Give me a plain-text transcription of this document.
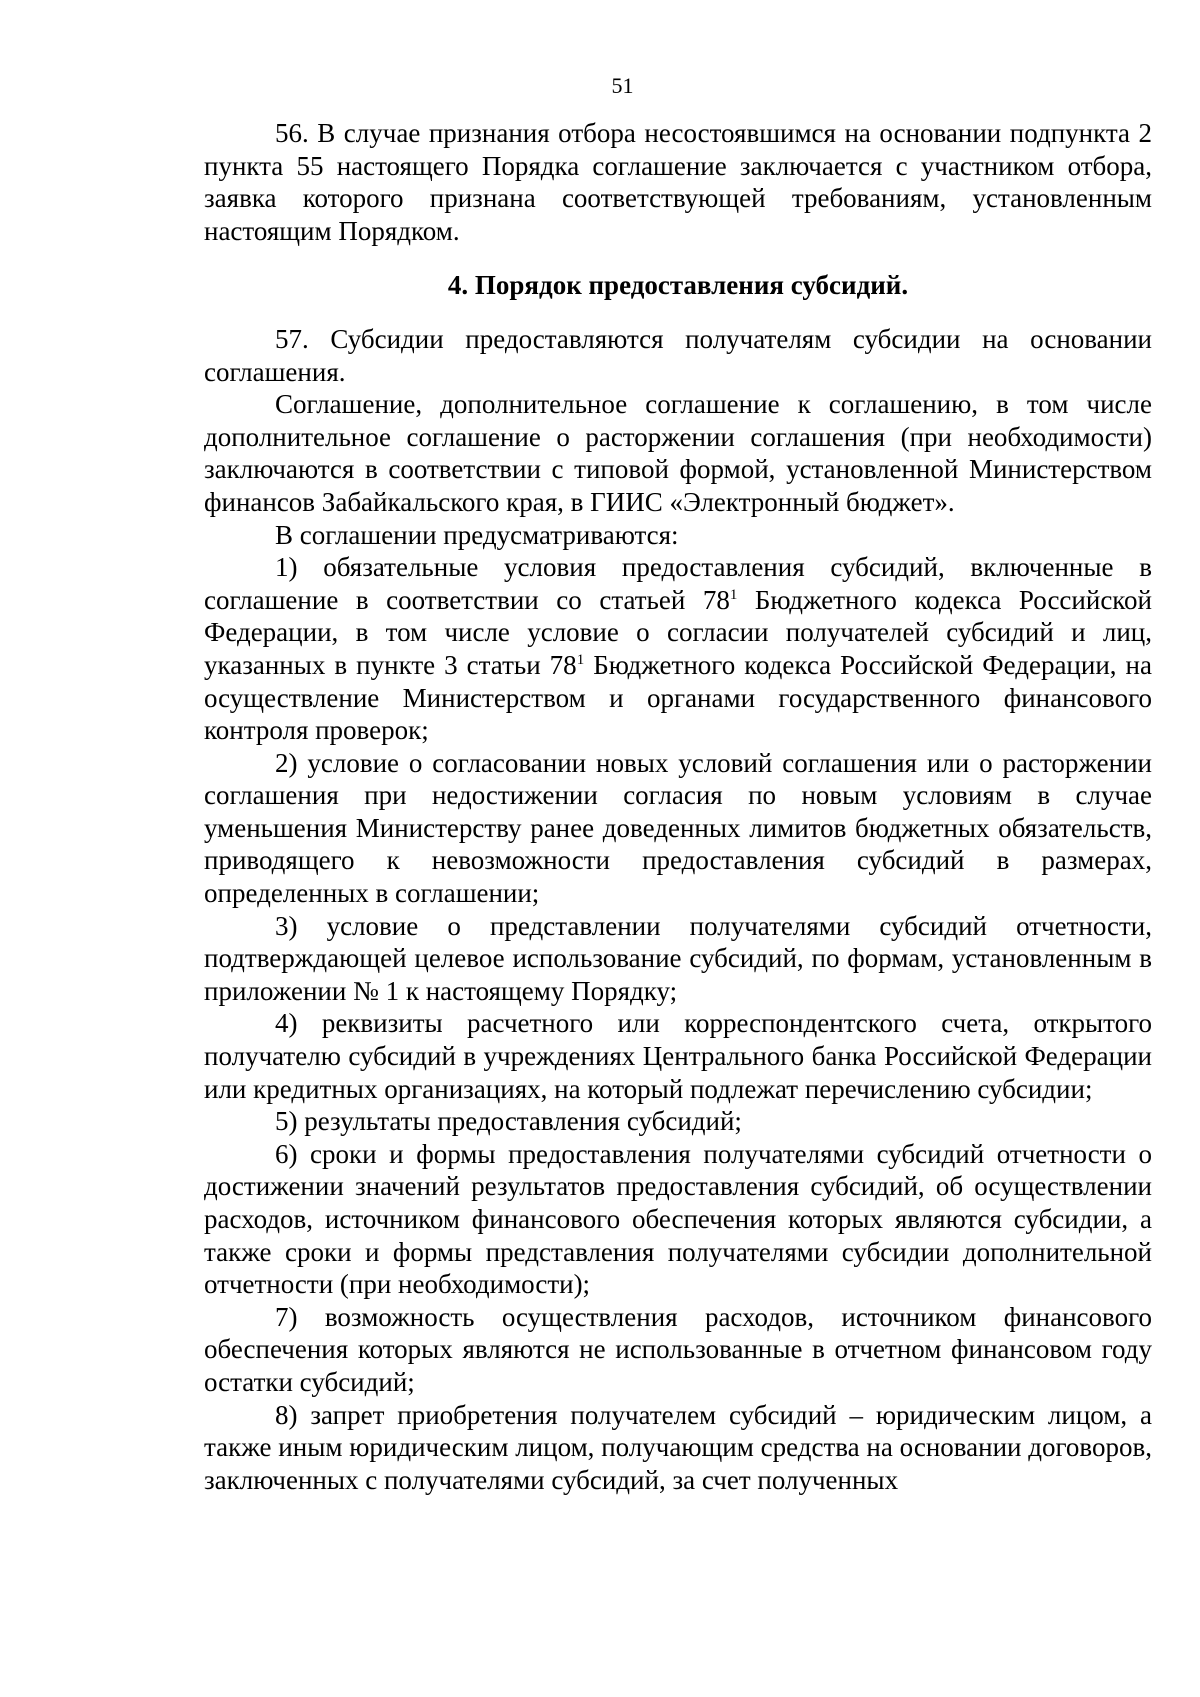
51

56. В случае признания отбора несостоявшимся на основании подпункта 2 пункта 55 настоящего Порядка соглашение заключается с участником отбора, заявка которого признана соответствующей требованиям, установленным настоящим Порядком.

4. Порядок предоставления субсидий.

57. Субсидии предоставляются получателям субсидии на основании соглашения.

Соглашение, дополнительное соглашение к соглашению, в том числе дополнительное соглашение о расторжении соглашения (при необходимости) заключаются в соответствии с типовой формой, установленной Министерством финансов Забайкальского края, в ГИИС «Электронный бюджет».

В соглашении предусматриваются:

1) обязательные условия предоставления субсидий, включенные в соглашение в соответствии со статьей $78^1$ Бюджетного кодекса Российской Федерации, в том числе условие о согласии получателей субсидий и лиц, указанных в пункте 3 статьи $78^1$ Бюджетного кодекса Российской Федерации, на осуществление Министерством и органами государственного финансового контроля проверок;

2) условие о согласовании новых условий соглашения или о расторжении соглашения при недостижении согласия по новым условиям в случае уменьшения Министерству ранее доведенных лимитов бюджетных обязательств, приводящего к невозможности предоставления субсидий в размерах, определенных в соглашении;

3) условие о представлении получателями субсидий отчетности, подтверждающей целевое использование субсидий, по формам, установленным в приложении № 1 к настоящему Порядку;

4) реквизиты расчетного или корреспондентского счета, открытого получателю субсидий в учреждениях Центрального банка Российской Федерации или кредитных организациях, на который подлежат перечислению субсидии;

5) результаты предоставления субсидий;

6) сроки и формы предоставления получателями субсидий отчетности о достижении значений результатов предоставления субсидий, об осуществлении расходов, источником финансового обеспечения которых являются субсидии, а также сроки и формы представления получателями субсидии дополнительной отчетности (при необходимости);

7) возможность осуществления расходов, источником финансового обеспечения которых являются не использованные в отчетном финансовом году остатки субсидий;

8) запрет приобретения получателем субсидий – юридическим лицом, а также иным юридическим лицом, получающим средства на основании договоров, заключенных с получателями субсидий, за счет полученных
